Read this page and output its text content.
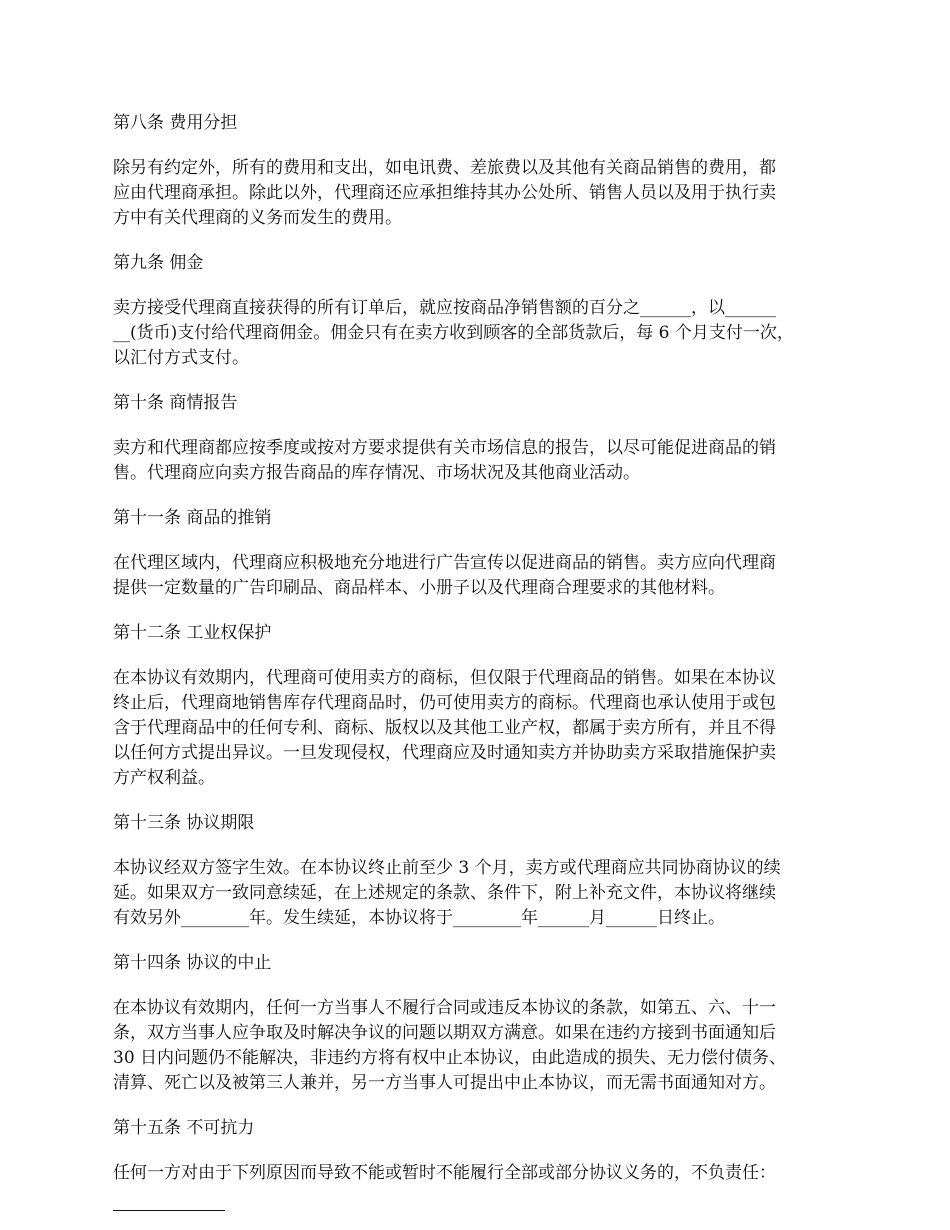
第八条 费用分担

除另有约定外，所有的费用和支出，如电讯费、差旅费以及其他有关商品销售的费用，都
应由代理商承担。除此以外，代理商还应承担维持其办公处所、销售人员以及用于执行卖
方中有关代理商的义务而发生的费用。

第九条 佣金

卖方接受代理商直接获得的所有订单后，就应按商品净销售额的百分之______，以______
__(货币)支付给代理商佣金。佣金只有在卖方收到顾客的全部货款后，每 6 个月支付一次，
以汇付方式支付。

第十条 商情报告

卖方和代理商都应按季度或按对方要求提供有关市场信息的报告，以尽可能促进商品的销
售。代理商应向卖方报告商品的库存情况、市场状况及其他商业活动。

第十一条 商品的推销

在代理区域内，代理商应积极地充分地进行广告宣传以促进商品的销售。卖方应向代理商
提供一定数量的广告印刷品、商品样本、小册子以及代理商合理要求的其他材料。

第十二条 工业权保护

在本协议有效期内，代理商可使用卖方的商标，但仅限于代理商品的销售。如果在本协议
终止后，代理商地销售库存代理商品时，仍可使用卖方的商标。代理商也承认使用于或包
含于代理商品中的任何专利、商标、版权以及其他工业产权，都属于卖方所有，并且不得
以任何方式提出异议。一旦发现侵权，代理商应及时通知卖方并协助卖方采取措施保护卖
方产权利益。

第十三条 协议期限

本协议经双方签字生效。在本协议终止前至少 3 个月，卖方或代理商应共同协商协议的续
延。如果双方一致同意续延，在上述规定的条款、条件下，附上补充文件，本协议将继续
有效另外________年。发生续延，本协议将于________年______月______日终止。

第十四条 协议的中止

在本协议有效期内，任何一方当事人不履行合同或违反本协议的条款，如第五、六、十一
条，双方当事人应争取及时解决争议的问题以期双方满意。如果在违约方接到书面通知后
30 日内问题仍不能解决，非违约方将有权中止本协议，由此造成的损失、无力偿付债务、
清算、死亡以及被第三人兼并，另一方当事人可提出中止本协议，而无需书面通知对方。

第十五条 不可抗力

任何一方对由于下列原因而导致不能或暂时不能履行全部或部分协议义务的，不负责任：
